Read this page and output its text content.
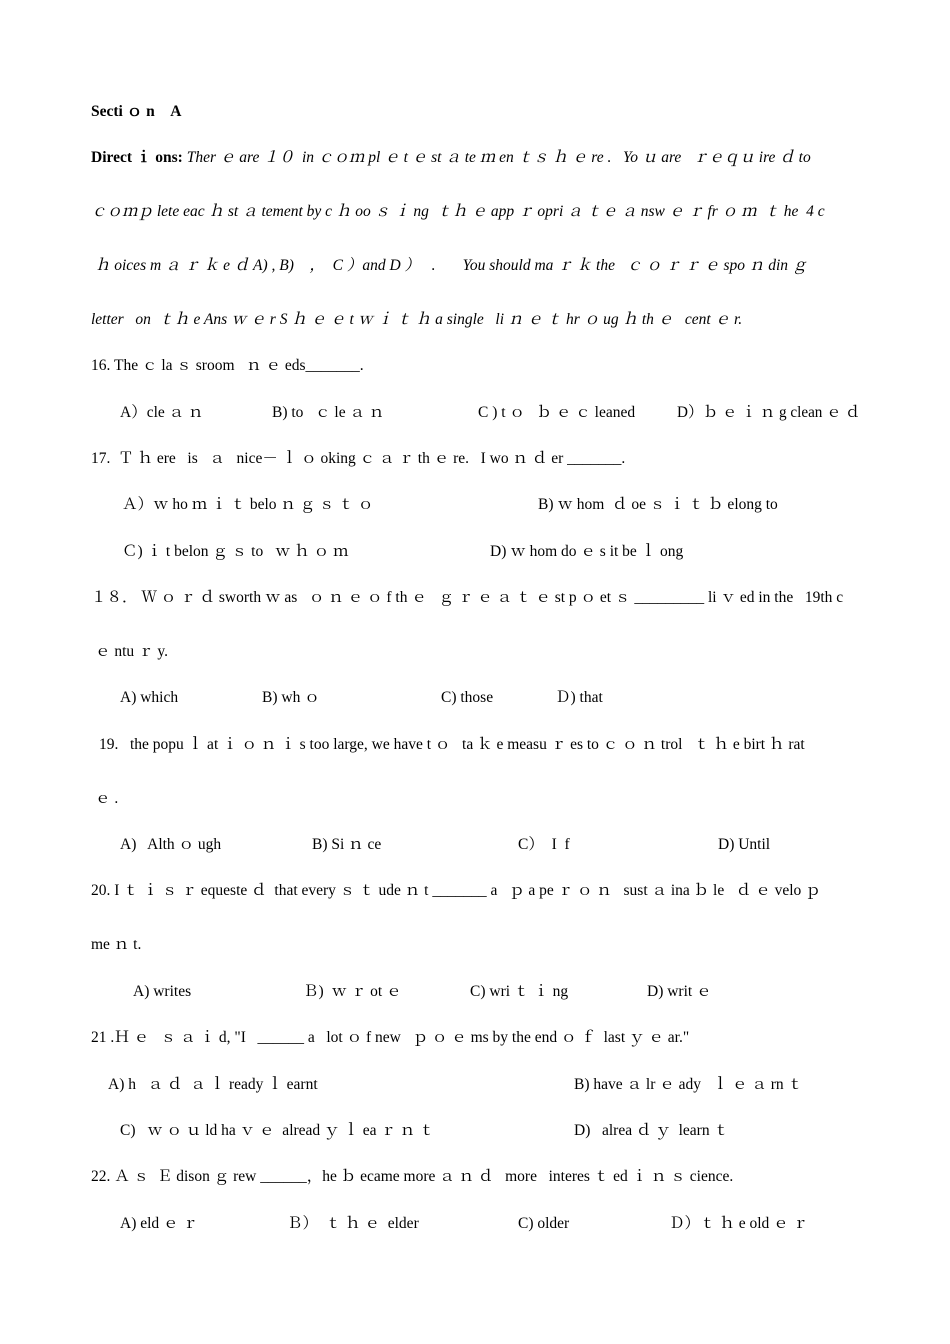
Secti ｏ n　A
Direct ｉ ons: Ther ｅ are １０  in ｃｏｍ pl ｅ t ｅ st ａ te ｍ en ｔｓ ｈ ｅ re .   Yo ｕ are   ｒｅｑｕ ire ｄ to
ｃｏｍｐ lete eac ｈ st ａ tement by c ｈ oo ｓ ｉ ng  ｔｈ ｅ app ｒ opri ａ ｔｅ ａ nsw ｅ ｒ fr ｏ ｍ  ｔ he  4 c
ｈ oices m ａ ｒ ｋ e ｄ A) , B)    ，  C ）and D ）   .       You should ma ｒ ｋ the   ｃ ｏ ｒ ｒ ｅ spo ｎ din ｇ
letter   on  ｔｈ e Ans ｗ ｅ r S ｈ ｅ ｅ t ｗ ｉ ｔ ｈ a single   li ｎ ｅ ｔ hr ｏ ug ｈ th ｅ   cent ｅ r.
16. The ｃ la ｓ sroom   ｎ ｅ eds_______.
A）cle ａ ｎ	B) to   ｃ le ａ ｎ	C ) t ｏ   ｂ ｅ ｃ leaned	D）ｂ ｅ ｉ ｎ g clean ｅ ｄ
17.  Ｔ ｈ ere   is   ａ   nice－ ｌ ｏ oking ｃ ａ ｒ th ｅ re.   I wo ｎ ｄ er _______.
Ａ）ｗ ho ｍ ｉ ｔ belo ｎ ｇ ｓ ｔ ｏ	B) ｗ hom  ｄ oe ｓ ｉ ｔ ｂ elong to
Ｃ) ｉ t belon ｇ ｓ to   ｗ ｈ ｏ ｍ	D) ｗ hom do ｅ s it be ｌ ong
１８． Ｗ ｏ ｒ ｄ sworth ｗ as   ｏ ｎ ｅ ｏ f th ｅ   ｇ ｒ ｅ ａ ｔ ｅ st p ｏ et ｓ _________ li ｖ ed in the   19th c
ｅ ntu ｒ y.
A) which	B) wh ｏ	C) those	Ｄ) that
19.   the popu ｌ at ｉ ｏ ｎ ｉ s too large, we have t ｏ   ta ｋ e measu ｒ es to ｃ ｏ ｎ trol   ｔ ｈ e birt ｈ rat
ｅ .
A)   Alth ｏ ugh	B) Si ｎ ce	C）  I  f	D) Until
20. I ｔ ｉ ｓ ｒ equeste ｄ  that every ｓ ｔ ude ｎ t _______ a   ｐ a pe ｒ ｏ ｎ   sust ａ ina ｂ le   ｄ ｅ velo ｐ
me ｎ t.
A) writes	Ｂ)  ｗ ｒ ot ｅ	C) wri ｔ ｉ ng	D) writ ｅ
21 .Ｈ ｅ   ｓ ａ ｉ d, "I   ______ a   lot ｏ f new   ｐ ｏ ｅ ms by the end ｏ ｆ  last ｙ ｅ ar."
A) h   ａ ｄ  ａ ｌ ready ｌ earnt	B) have ａ lr ｅ ady   ｌ ｅ ａ rn ｔ
C)   ｗ ｏ ｕ ld ha ｖ ｅ  alread ｙ ｌ ea ｒ ｎ ｔ	D)   alrea ｄ ｙ  learn ｔ
22. Ａ ｓ  Ｅ dison ｇ rew ______，he ｂ ecame more ａ ｎ ｄ   more   interes ｔ ed ｉ ｎ ｓ cience.
A) eld ｅ ｒ	Ｂ）  ｔ ｈ ｅ  elder	C) older	Ｄ）ｔ ｈ e old ｅ ｒ
